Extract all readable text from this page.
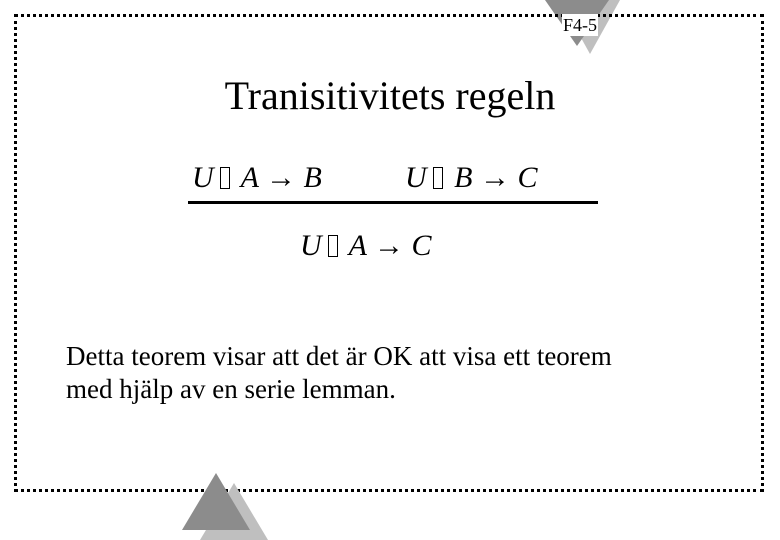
F4-5
Tranisitivitets regeln
U A → B	U B → C
U A → C
Detta teorem visar att det är OK att visa ett teorem
med hjälp av en serie lemman.
